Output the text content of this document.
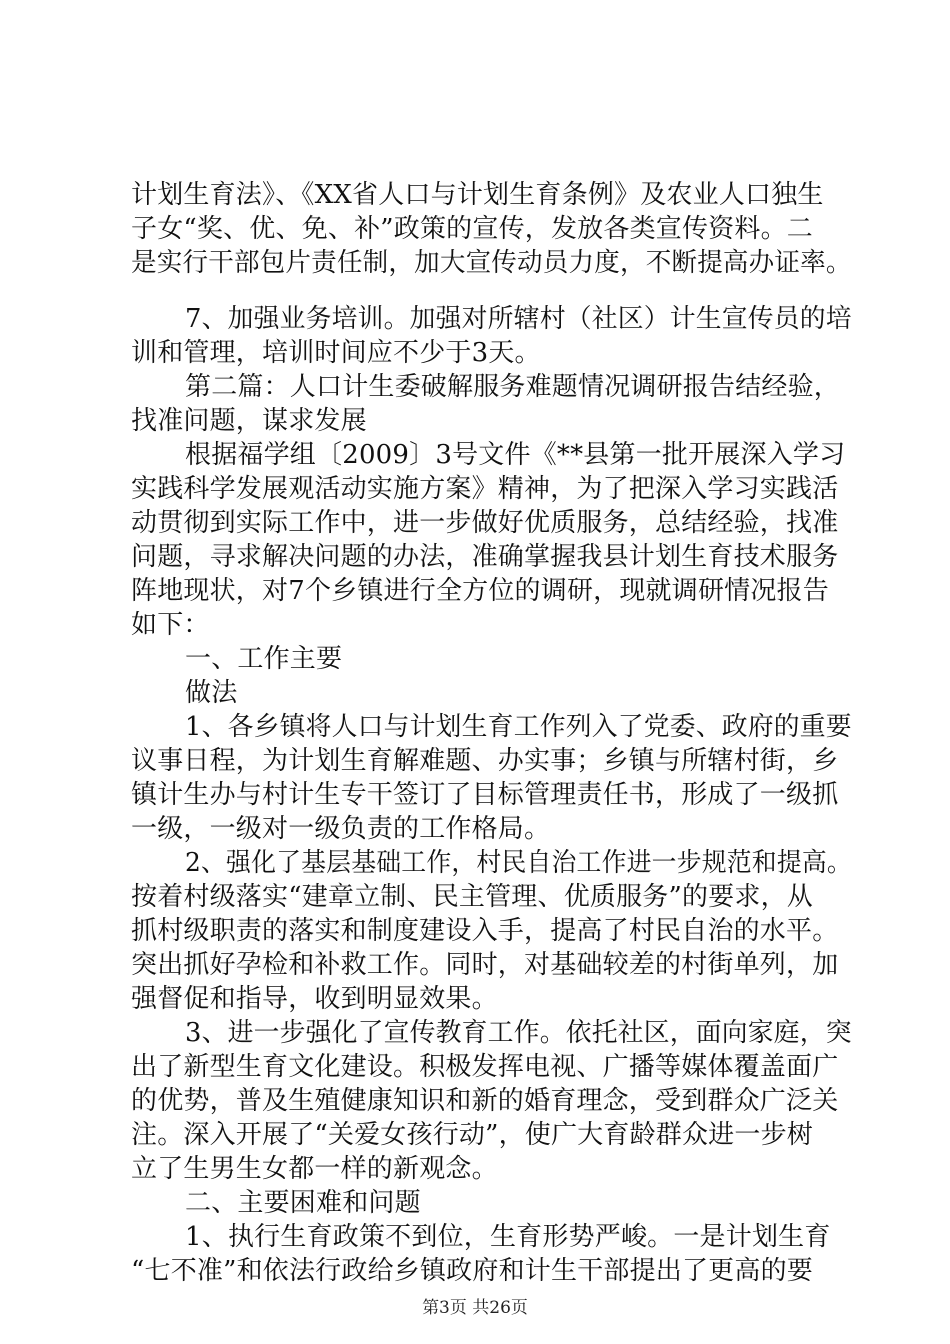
计划生育法》、《XX省人口与计划生育条例》及农业人口独生
子女“奖、优、免、补”政策的宣传，发放各类宣传资料。二
是实行干部包片责任制，加大宣传动员力度，不断提高办证率。
7、加强业务培训。加强对所辖村（社区）计生宣传员的培
训和管理，培训时间应不少于3天。
第二篇：人口计生委破解服务难题情况调研报告结经验，
找准问题，谋求发展
根据福学组〔2009〕3号文件《**县第一批开展深入学习
实践科学发展观活动实施方案》精神，为了把深入学习实践活
动贯彻到实际工作中，进一步做好优质服务，总结经验，找准
问题，寻求解决问题的办法，准确掌握我县计划生育技术服务
阵地现状，对7个乡镇进行全方位的调研，现就调研情况报告
如下：
一、工作主要
做法
1、各乡镇将人口与计划生育工作列入了党委、政府的重要
议事日程，为计划生育解难题、办实事；乡镇与所辖村街，乡
镇计生办与村计生专干签订了目标管理责任书，形成了一级抓
一级，一级对一级负责的工作格局。
2、强化了基层基础工作，村民自治工作进一步规范和提高。
按着村级落实“建章立制、民主管理、优质服务”的要求，从
抓村级职责的落实和制度建设入手，提高了村民自治的水平。
突出抓好孕检和补救工作。同时，对基础较差的村街单列，加
强督促和指导，收到明显效果。
3、进一步强化了宣传教育工作。依托社区，面向家庭，突
出了新型生育文化建设。积极发挥电视、广播等媒体覆盖面广
的优势，普及生殖健康知识和新的婚育理念，受到群众广泛关
注。深入开展了“关爱女孩行动”，使广大育龄群众进一步树
立了生男生女都一样的新观念。
二、主要困难和问题
1、执行生育政策不到位，生育形势严峻。一是计划生育
“七不准”和依法行政给乡镇政府和计生干部提出了更高的要
第3页 共26页
